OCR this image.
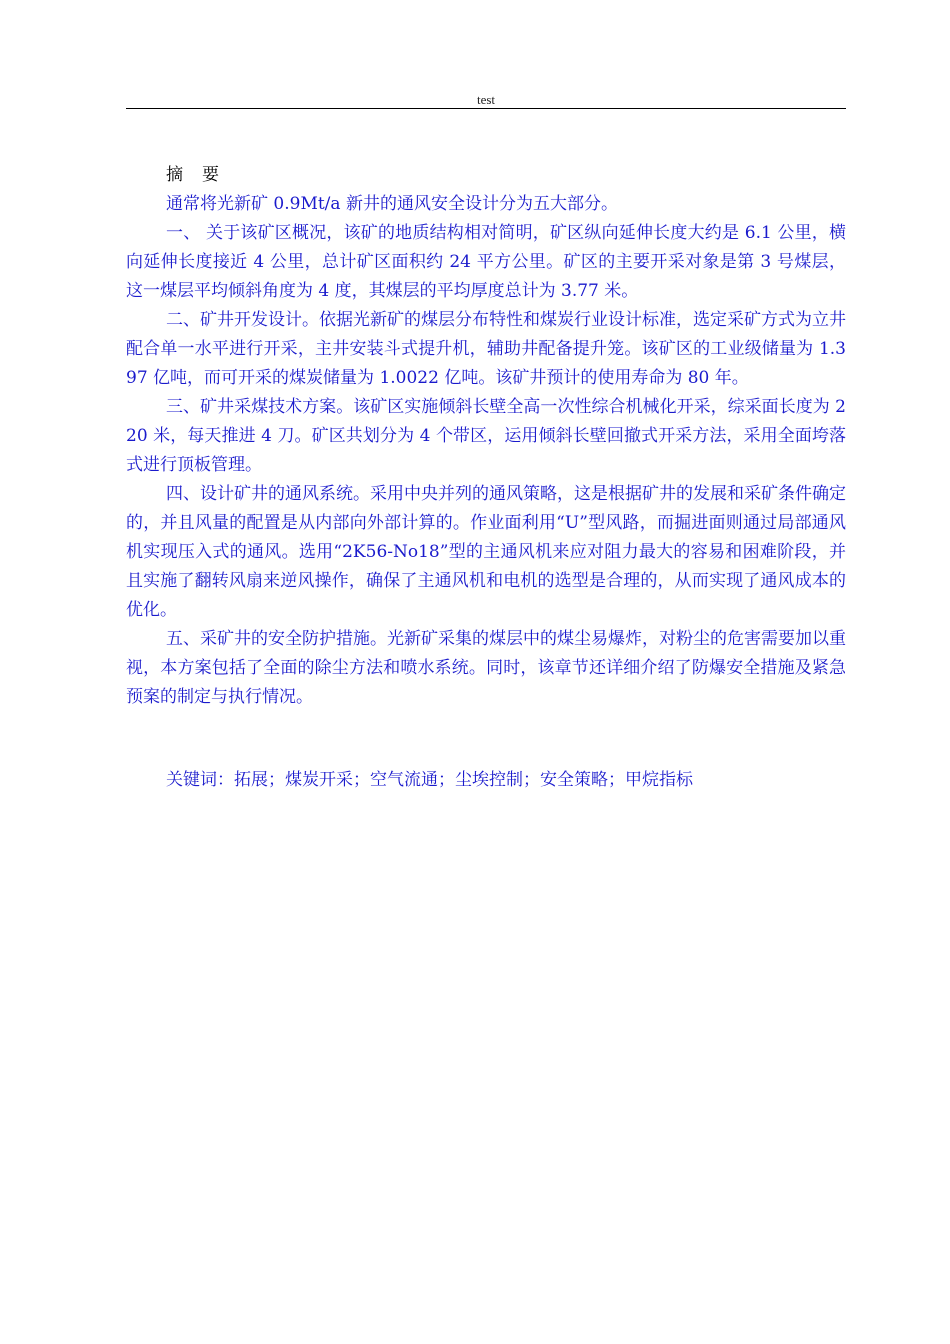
test
摘　要

通常将光新矿 0.9Mt/a 新井的通风安全设计分为五大部分。

一、 关于该矿区概况，该矿的地质结构相对简明，矿区纵向延伸长度大约是 6.1 公里，横向延伸长度接近 4 公里，总计矿区面积约 24 平方公里。矿区的主要开采对象是第 3 号煤层，这一煤层平均倾斜角度为 4 度，其煤层的平均厚度总计为 3.77 米。

二、矿井开发设计。依据光新矿的煤层分布特性和煤炭行业设计标准，选定采矿方式为立井配合单一水平进行开采，主井安装斗式提升机，辅助井配备提升笼。该矿区的工业级储量为 1.397 亿吨，而可开采的煤炭储量为 1.0022 亿吨。该矿井预计的使用寿命为 80 年。

三、矿井采煤技术方案。该矿区实施倾斜长壁全高一次性综合机械化开采，综采面长度为 220 米，每天推进 4 刀。矿区共划分为 4 个带区，运用倾斜长壁回撤式开采方法，采用全面垮落式进行顶板管理。

四、设计矿井的通风系统。采用中央并列的通风策略，这是根据矿井的发展和采矿条件确定的，并且风量的配置是从内部向外部计算的。作业面利用“U”型风路，而掘进面则通过局部通风机实现压入式的通风。选用“2K56-No18”型的主通风机来应对阻力最大的容易和困难阶段，并且实施了翻转风扇来逆风操作，确保了主通风机和电机的选型是合理的，从而实现了通风成本的优化。

五、采矿井的安全防护措施。光新矿采集的煤层中的煤尘易爆炸，对粉尘的危害需要加以重视，本方案包括了全面的除尘方法和喷水系统。同时，该章节还详细介绍了防爆安全措施及紧急预案的制定与执行情况。

关键词：拓展；煤炭开采；空气流通；尘埃控制；安全策略；甲烷指标
